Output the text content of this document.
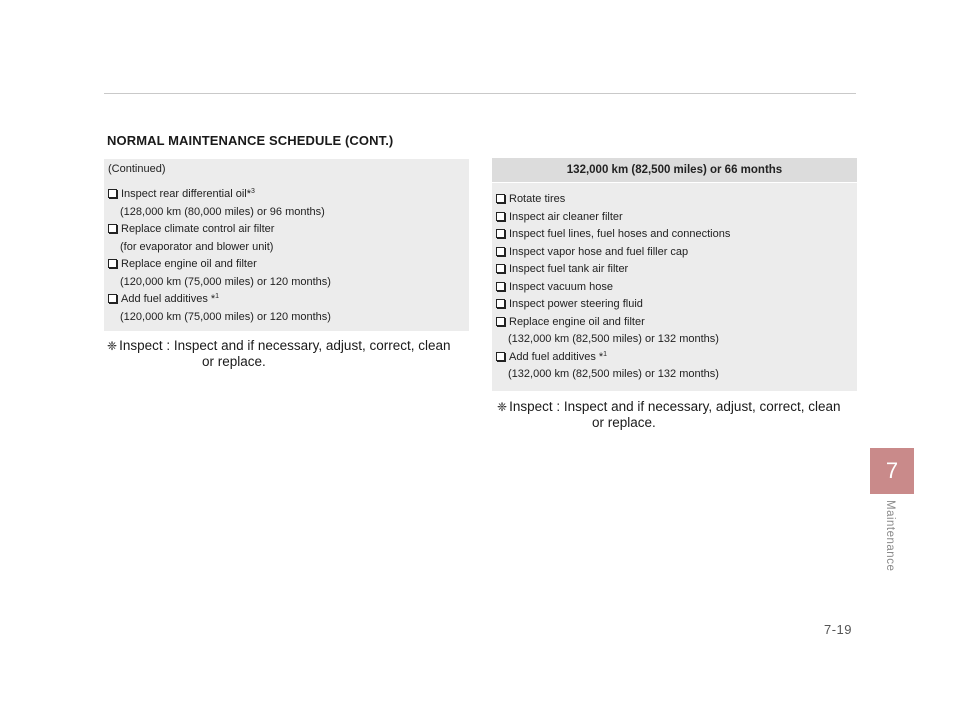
NORMAL MAINTENANCE SCHEDULE (CONT.)
(Continued)
Inspect rear differential oil*$^3$
(128,000 km (80,000 miles) or 96 months)
Replace climate control air filter
(for evaporator and blower unit)
Replace engine oil and filter
(120,000 km (75,000 miles) or 120 months)
Add fuel additives *$^1$
(120,000 km (75,000 miles) or 120 months)
❈ Inspect : Inspect and if necessary, adjust, correct, clean
or replace.
132,000 km (82,500 miles) or 66 months
Rotate tires
Inspect air cleaner filter
Inspect fuel lines, fuel hoses and connections
Inspect vapor hose and fuel filler cap
Inspect fuel tank air filter
Inspect vacuum hose
Inspect power steering fluid
Replace engine oil and filter
(132,000 km (82,500 miles) or 132 months)
Add fuel additives *$^1$
(132,000 km (82,500 miles) or 132 months)
❈ Inspect : Inspect and if necessary, adjust, correct, clean
or replace.
7
Maintenance
7-19
